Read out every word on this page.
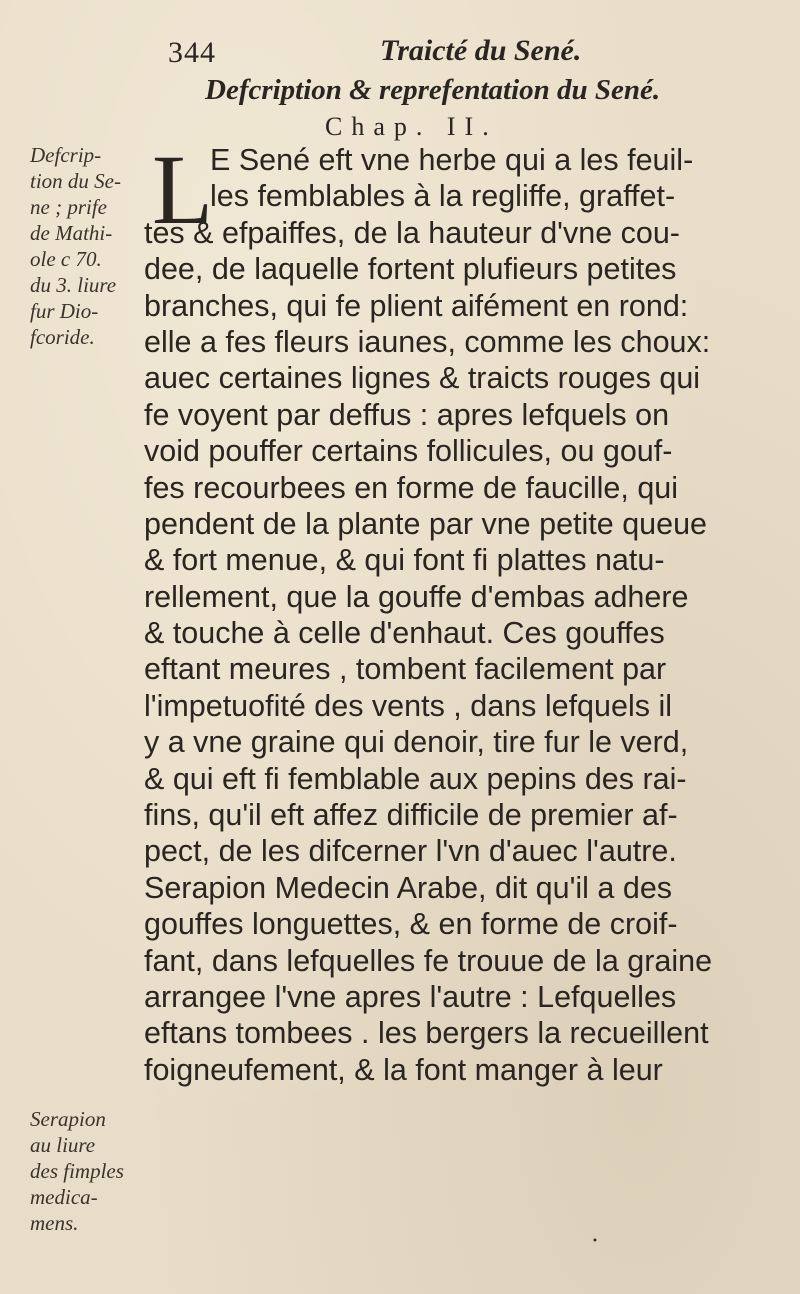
344	Traicté du Sené.
Defcription & reprefentation du Sené.
Chap. II.
L
E Sené eft vne herbe qui a les feuil-
les femblables à la regliffe, graffet-
tes & efpaiffes, de la hauteur d'vne cou-
dee, de laquelle fortent plufieurs petites
branches, qui fe plient aifément en rond:
elle a fes fleurs iaunes, comme les choux:
auec certaines lignes & traicts rouges qui
fe voyent par deffus : apres lefquels on
void pouffer certains follicules, ou gouf-
fes recourbees en forme de faucille, qui
pendent de la plante par vne petite queue
& fort menue, & qui font fi plattes natu-
rellement, que la gouffe d'embas adhere
& touche à celle d'enhaut. Ces gouffes
eftant meures , tombent facilement par
l'impetuofité des vents , dans lefquels il
y a vne graine qui denoir, tire fur le verd,
& qui eft fi femblable aux pepins des rai-
fins, qu'il eft affez difficile de premier af-
pect, de les difcerner l'vn d'auec l'autre.
Serapion Medecin Arabe, dit qu'il a des
gouffes longuettes, & en forme de croif-
fant, dans lefquelles fe trouue de la graine
arrangee l'vne apres l'autre : Lefquelles
eftans tombees . les bergers la recueillent
foigneufement, & la font manger à leur
Defcrip-
tion du Se-
ne ; prife
de Mathi-
ole c 70.
du 3. liure
fur Dio-
fcoride.
Serapion
au liure
des fimples
medica-
mens.
•
